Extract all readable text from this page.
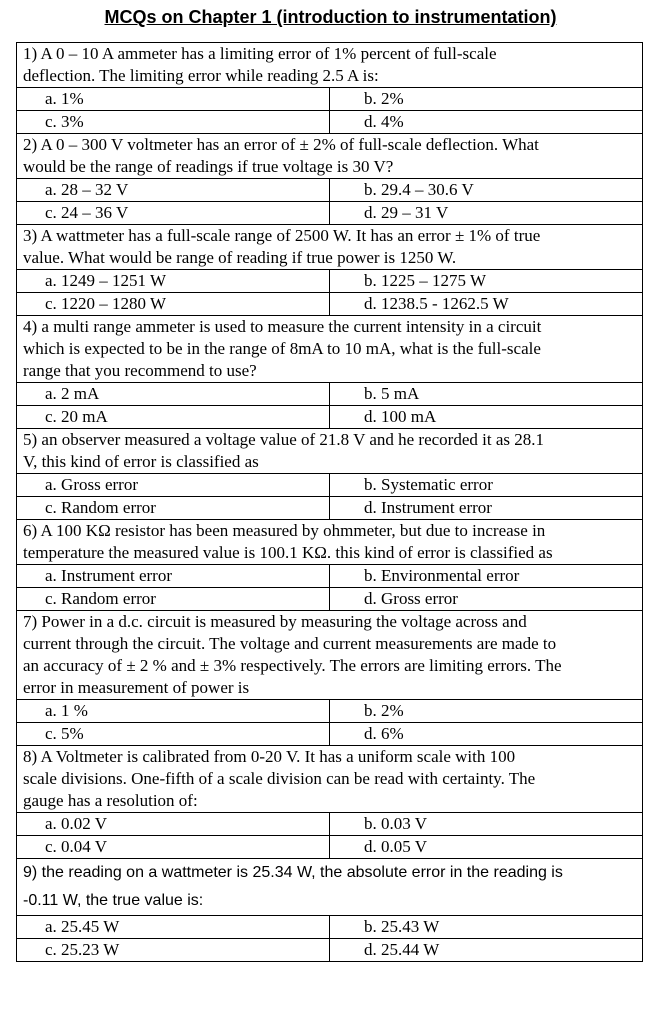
MCQs on Chapter 1 (introduction to instrumentation)
1) A 0 – 10 A ammeter has a limiting error of 1% percent of full-scale
deflection. The limiting error while reading 2.5 A is:	
a. 1%	b. 2%
c. 3%	d. 4%
2) A 0 – 300 V voltmeter has an error of ± 2% of full-scale deflection. What
would be the range of readings if true voltage is 30 V?	
a. 28 – 32 V	b. 29.4 – 30.6 V
c. 24 – 36 V	d. 29 – 31 V
3) A wattmeter has a full-scale range of 2500 W. It has an error ± 1% of true
value. What would be range of reading if true power is 1250 W.	
a. 1249 – 1251 W	b. 1225 – 1275 W
c. 1220 – 1280 W	d. 1238.5 - 1262.5 W
4) a multi range ammeter is used to measure the current intensity in a circuit
which is expected to be in the range of 8mA to 10 mA, what is the full-scale
range that you recommend to use?	
a. 2 mA	b. 5 mA
c. 20 mA	d. 100 mA
5) an observer measured a voltage value of 21.8 V and he recorded it as 28.1
V, this kind of error is classified as	
a. Gross error	b. Systematic error
c. Random error	d. Instrument error
6) A 100 KΩ resistor has been measured by ohmmeter, but due to increase in
temperature the measured value is 100.1 KΩ. this kind of error is classified as	
a. Instrument error	b. Environmental error
c. Random error	d. Gross error
7) Power in a d.c. circuit is measured by measuring the voltage across and
current through the circuit. The voltage and current measurements are made to
an accuracy of ± 2 % and ± 3% respectively. The errors are limiting errors. The
error in measurement of power is	
a. 1 %	b. 2%
c. 5%	d. 6%
8) A Voltmeter is calibrated from 0-20 V. It has a uniform scale with 100
scale divisions. One-fifth of a scale division can be read with certainty. The
gauge has a resolution of:	
a. 0.02 V	b. 0.03 V
c. 0.04 V	d. 0.05 V
9) the reading on a wattmeter is 25.34 W, the absolute error in the reading is
-0.11 W, the true value is:	
a. 25.45 W	b. 25.43 W
c. 25.23 W	d. 25.44 W
